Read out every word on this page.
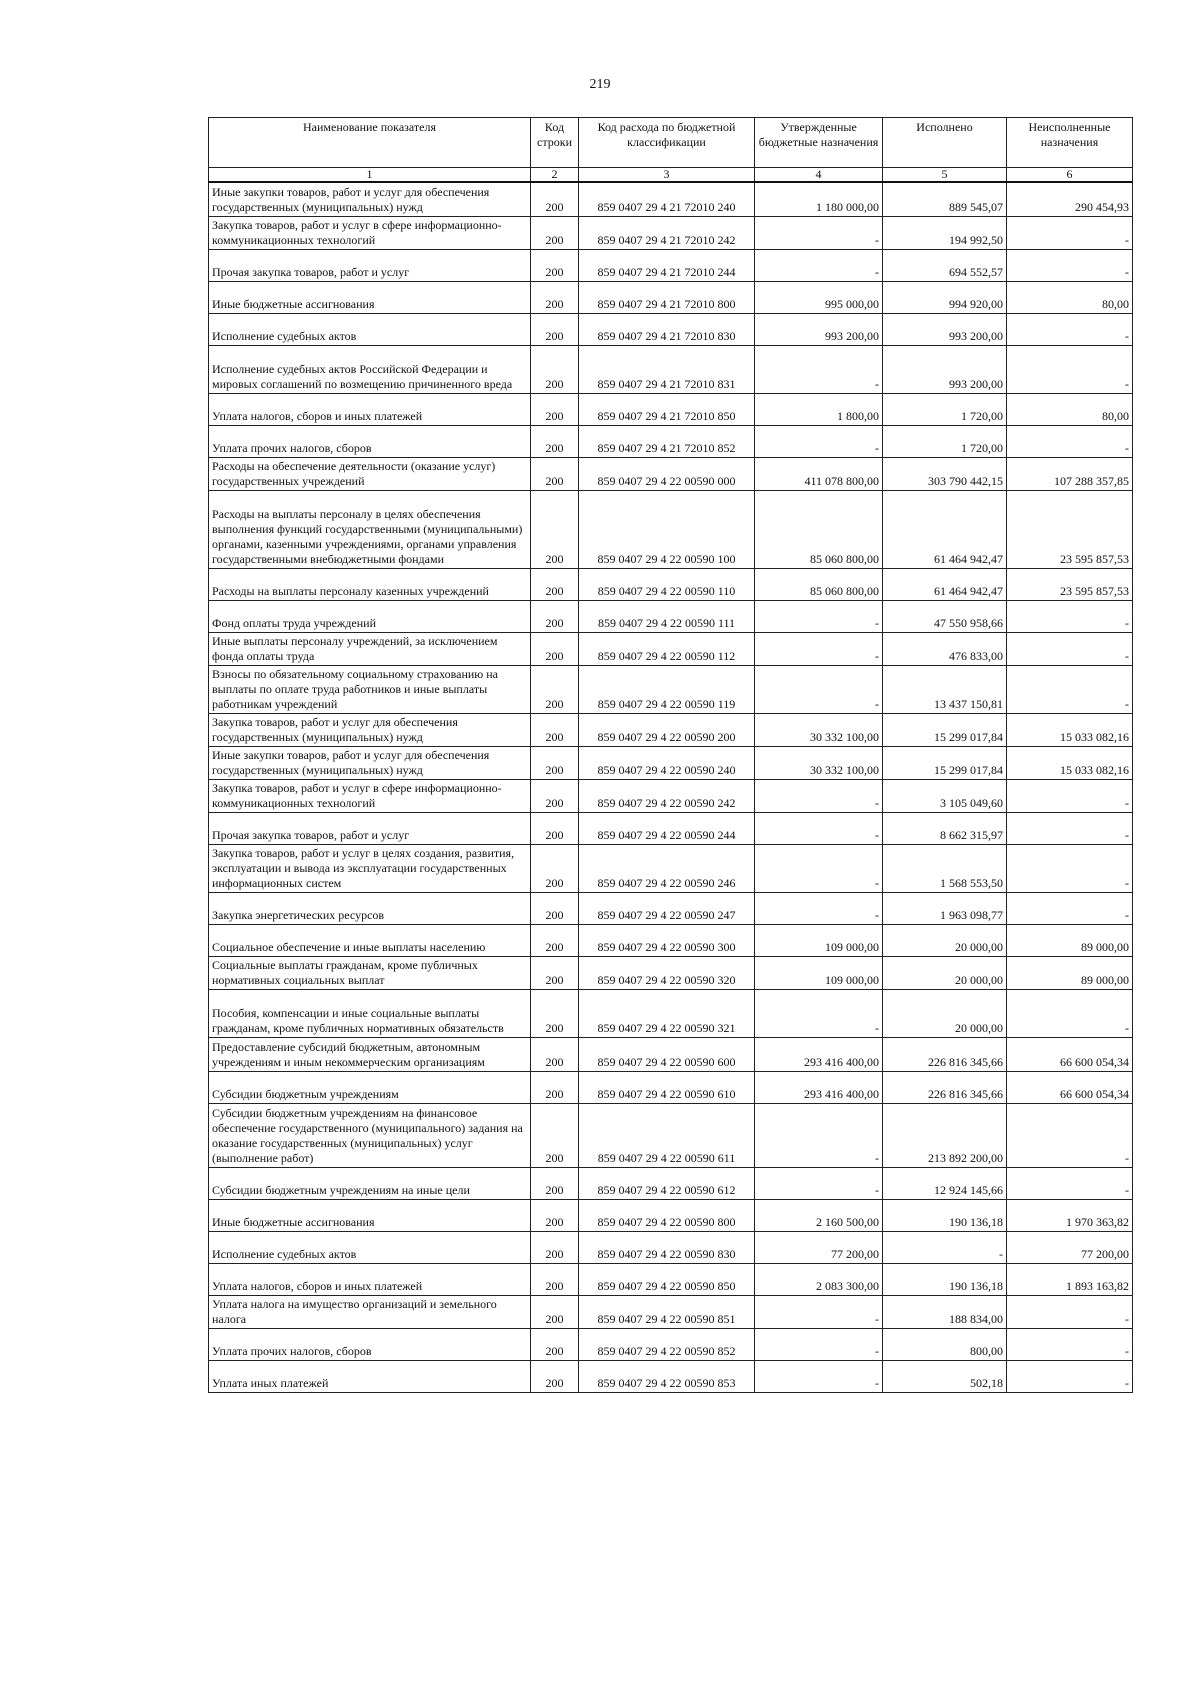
219
Наименование показателя	Код строки	Код расхода по бюджетной классификации	Утвержденные бюджетные назначения	Исполнено	Неисполненные назначения
1	2	3	4	5	6
Иные закупки товаров, работ и услуг для обеспечения государственных (муниципальных) нужд	200	859 0407 29 4 21 72010 240	1 180 000,00	889 545,07	290 454,93
Закупка товаров, работ и услуг в сфере информационно-коммуникационных технологий	200	859 0407 29 4 21 72010 242	-	194 992,50	-
Прочая закупка товаров, работ и услуг	200	859 0407 29 4 21 72010 244	-	694 552,57	-
Иные бюджетные ассигнования	200	859 0407 29 4 21 72010 800	995 000,00	994 920,00	80,00
Исполнение судебных актов	200	859 0407 29 4 21 72010 830	993 200,00	993 200,00	-
Исполнение судебных актов Российской Федерации и мировых соглашений по возмещению причиненного вреда	200	859 0407 29 4 21 72010 831	-	993 200,00	-
Уплата налогов, сборов и иных платежей	200	859 0407 29 4 21 72010 850	1 800,00	1 720,00	80,00
Уплата прочих налогов, сборов	200	859 0407 29 4 21 72010 852	-	1 720,00	-
Расходы на обеспечение деятельности (оказание услуг) государственных учреждений	200	859 0407 29 4 22 00590 000	411 078 800,00	303 790 442,15	107 288 357,85
Расходы на выплаты персоналу в целях обеспечения выполнения функций государственными (муниципальными) органами, казенными учреждениями, органами управления государственными внебюджетными фондами	200	859 0407 29 4 22 00590 100	85 060 800,00	61 464 942,47	23 595 857,53
Расходы на выплаты персоналу казенных учреждений	200	859 0407 29 4 22 00590 110	85 060 800,00	61 464 942,47	23 595 857,53
Фонд оплаты труда учреждений	200	859 0407 29 4 22 00590 111	-	47 550 958,66	-
Иные выплаты персоналу учреждений, за исключением фонда оплаты труда	200	859 0407 29 4 22 00590 112	-	476 833,00	-
Взносы по обязательному социальному страхованию на выплаты по оплате труда работников и иные выплаты работникам учреждений	200	859 0407 29 4 22 00590 119	-	13 437 150,81	-
Закупка товаров, работ и услуг для обеспечения государственных (муниципальных) нужд	200	859 0407 29 4 22 00590 200	30 332 100,00	15 299 017,84	15 033 082,16
Иные закупки товаров, работ и услуг для обеспечения государственных (муниципальных) нужд	200	859 0407 29 4 22 00590 240	30 332 100,00	15 299 017,84	15 033 082,16
Закупка товаров, работ и услуг в сфере информационно-коммуникационных технологий	200	859 0407 29 4 22 00590 242	-	3 105 049,60	-
Прочая закупка товаров, работ и услуг	200	859 0407 29 4 22 00590 244	-	8 662 315,97	-
Закупка товаров, работ и услуг в целях создания, развития, эксплуатации и вывода из эксплуатации государственных информационных систем	200	859 0407 29 4 22 00590 246	-	1 568 553,50	-
Закупка энергетических ресурсов	200	859 0407 29 4 22 00590 247	-	1 963 098,77	-
Социальное обеспечение и иные выплаты населению	200	859 0407 29 4 22 00590 300	109 000,00	20 000,00	89 000,00
Социальные выплаты гражданам, кроме публичных нормативных социальных выплат	200	859 0407 29 4 22 00590 320	109 000,00	20 000,00	89 000,00
Пособия, компенсации и иные социальные выплаты гражданам, кроме публичных нормативных обязательств	200	859 0407 29 4 22 00590 321	-	20 000,00	-
Предоставление субсидий бюджетным, автономным учреждениям и иным некоммерческим организациям	200	859 0407 29 4 22 00590 600	293 416 400,00	226 816 345,66	66 600 054,34
Субсидии бюджетным учреждениям	200	859 0407 29 4 22 00590 610	293 416 400,00	226 816 345,66	66 600 054,34
Субсидии бюджетным учреждениям на финансовое обеспечение государственного (муниципального) задания на оказание государственных (муниципальных) услуг (выполнение работ)	200	859 0407 29 4 22 00590 611	-	213 892 200,00	-
Субсидии бюджетным учреждениям на иные цели	200	859 0407 29 4 22 00590 612	-	12 924 145,66	-
Иные бюджетные ассигнования	200	859 0407 29 4 22 00590 800	2 160 500,00	190 136,18	1 970 363,82
Исполнение судебных актов	200	859 0407 29 4 22 00590 830	77 200,00	-	77 200,00
Уплата налогов, сборов и иных платежей	200	859 0407 29 4 22 00590 850	2 083 300,00	190 136,18	1 893 163,82
Уплата налога на имущество организаций и земельного налога	200	859 0407 29 4 22 00590 851	-	188 834,00	-
Уплата прочих налогов, сборов	200	859 0407 29 4 22 00590 852	-	800,00	-
Уплата иных платежей	200	859 0407 29 4 22 00590 853	-	502,18	-
